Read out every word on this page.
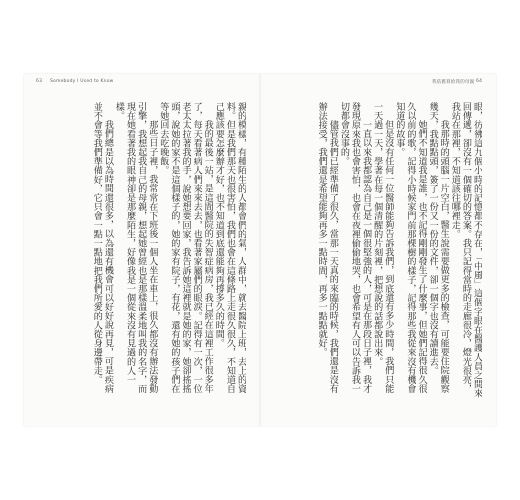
63 Somebody I Used to Know	我依舊寫給我的母親 64

親的模樣，有種陌生的人都會們的氣，人群中，就去醫院上班，去上的資料。但是我們那天也很害怕，我們也會在這條路上走很久很久，不知道自己應該要怎麼辦才好，也不知道到底還能夠再撐多久的時間。

我的最後一站，是這間醫院的失智症病房，我已經在這裡工作很多年了，每天看著病人們來來去去，也看著家屬們的眼淚。記得有一次，一位老太太拉著我的手，說她想要回家，我告訴她這裡就是她的家，她卻搖搖頭，說她的家不是這個樣子的，她的家有院子，有花，還有她的孩子們在等她回去吃晚飯。

那些日子裡，我常常在下班後一個人坐在車上，很久都沒有辦法發動引擎，我想起我自己的母親，想起她曾經也是那樣溫柔地叫我的名字，而現在她看著我的眼神卻是那麼陌生，好像我是一個從來沒有見過的人一樣。

我們總是以為時間還很多，以為還有機會可以好好說再見，可是疾病並不會等我們準備好，它只會一點一點地把我們所愛的人從身邊帶走。	眼，彷彿這九個小時的記憶都不存在，「中風」這個字眼在醫護人員之間來回傳遞，卻沒有一個確切的答案。我只記得當時的走廊很冷，燈光很亮，我站在那裡，不知道該往哪裡走。

我那時的頭腦一片空白，醫生說需要做更多的檢查，可能要住院觀察幾天，我點點頭，簽了一份又一份的文件，卻一個字也沒有讀進去。

她們不知道我是誰，也不記得剛剛發生了什麼事，但她們記得很久很久以前的歌，記得小時候家門前那棵樹的樣子，記得那些我從來沒有機會知道的故事。

但是沒有任何一位醫師能夠告訴我們，到底還有多少時間，我們只能一天過一天，學著在每一個清醒的片刻裡，把想說的話都說出來。

一直以來我都認為自己是一個很堅強的人，可是在那段日子裡，我才發現原來我也會害怕，也會在夜裡偷偷地哭，也會希望有人可以告訴我一切都會沒事的。

儘管我們已經準備了很久，當那一天真的來臨的時候，我們還是沒有辦法接受，我們還是希望能夠再多一點時間，再多一點點就好。
